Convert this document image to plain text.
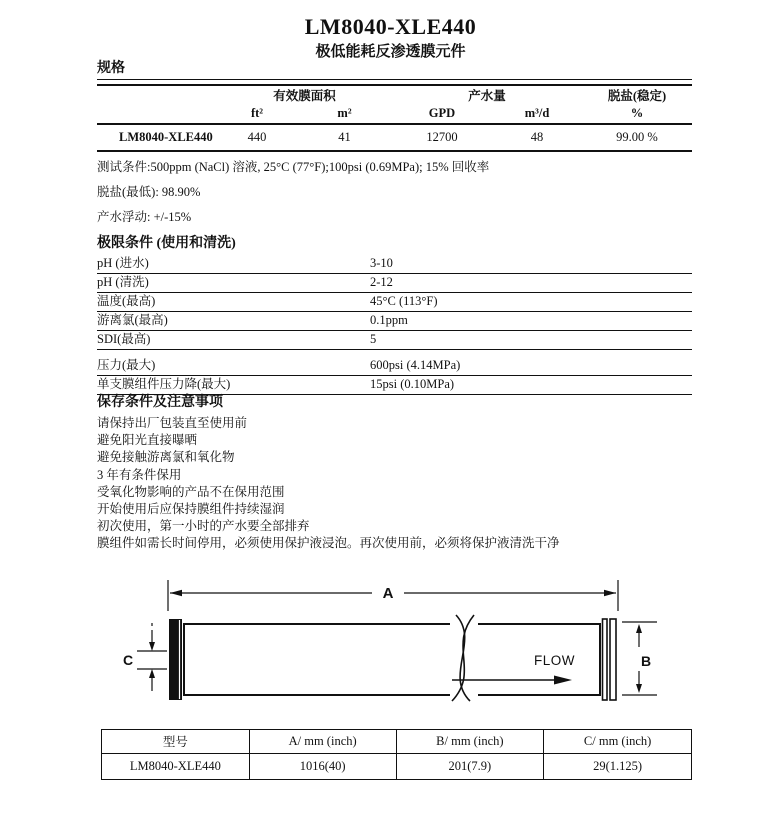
LM8040-XLE440
极低能耗反渗透膜元件
规格
	有效膜面积		产水量		脱盐(稳定)
	ft²	m²	GPD	m³/d	%
LM8040-XLE440	440	41	12700	48	99.00 %

测试条件:500ppm (NaCl) 溶液, 25°C (77°F);100psi (0.69MPa); 15% 回收率

脱盐(最低): 98.90%

产水浮动: +/-15%

极限条件 (使用和清洗)
pH (进水)	3-10
pH (清洗)	2-12
温度(最高)	45°C (113°F)
游离氯(最高)	0.1ppm
SDI(最高)	5
压力(最大)	600psi (4.14MPa)
单支膜组件压力降(最大)	15psi (0.10MPa)
保存条件及注意事项

请保持出厂包装直至使用前

避免阳光直接曝晒

避免接触游离氯和氧化物

3 年有条件保用

受氧化物影响的产品不在保用范围

开始使用后应保持膜组件持续湿润

初次使用，第一小时的产水要全部排弃

膜组件如需长时间停用，必须使用保护液浸泡。再次使用前，必须将保护液清洗干净

A
FLOW
C	B
型号	A/ mm (inch)	B/ mm (inch)	C/ mm (inch)
LM8040-XLE440	1016(40)	201(7.9)	29(1.125)
